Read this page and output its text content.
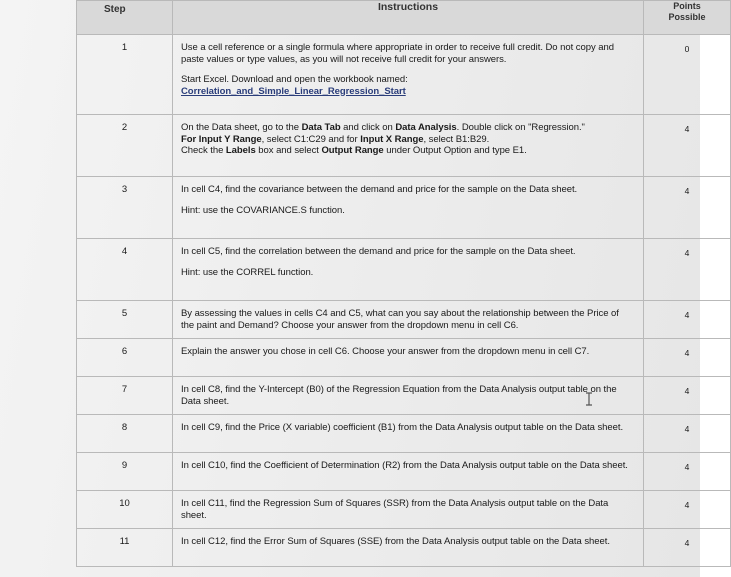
Step	Instructions	Points
Possible
1	Use a cell reference or a single formula where appropriate in order to receive full credit. Do not copy and paste values or type values, as you will not receive full credit for your answers.

Start Excel. Download and open the workbook named:
Correlation_and_Simple_Linear_Regression_Start	0
2	On the Data sheet, go to the Data Tab and click on Data Analysis. Double click on "Regression."
For Input Y Range, select C1:C29 and for Input X Range, select B1:B29.
Check the Labels box and select Output Range under Output Option and type E1.	4
3	In cell C4, find the covariance between the demand and price for the sample on the Data sheet.

Hint: use the COVARIANCE.S function.	4
4	In cell C5, find the correlation between the demand and price for the sample on the Data sheet.

Hint: use the CORREL function.	4
5	By assessing the values in cells C4 and C5, what can you say about the relationship between the Price of the paint and Demand? Choose your answer from the dropdown menu in cell C6.	4
6	Explain the answer you chose in cell C6. Choose your answer from the dropdown menu in cell C7.	4
7	In cell C8, find the Y-Intercept (B0) of the Regression Equation from the Data Analysis output table on the Data sheet.	4
8	In cell C9, find the Price (X variable) coefficient (B1) from the Data Analysis output table on the Data sheet.	4
9	In cell C10, find the Coefficient of Determination (R2) from the Data Analysis output table on the Data sheet.	4
10	In cell C11, find the Regression Sum of Squares (SSR) from the Data Analysis output table on the Data sheet.	4
11	In cell C12, find the Error Sum of Squares (SSE) from the Data Analysis output table on the Data sheet.	4
